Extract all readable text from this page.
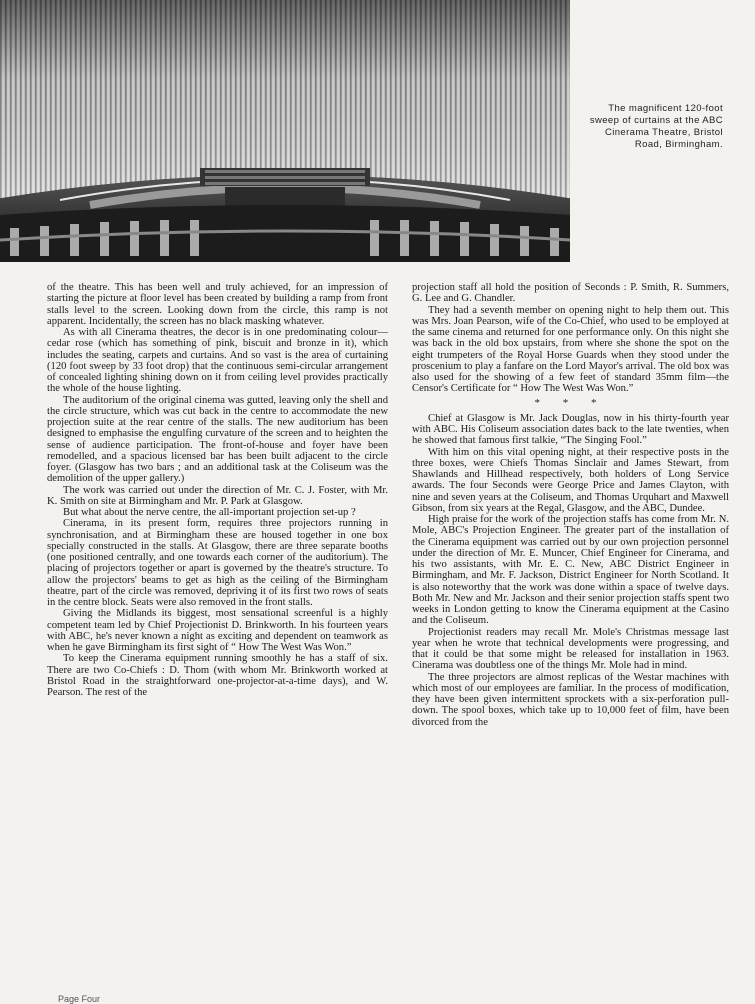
The magnificent 120-foot sweep of curtains at the ABC Cinerama Theatre, Bristol Road, Birmingham.

of the theatre. This has been well and truly achieved, for an impression of starting the picture at floor level has been created by building a ramp from front stalls level to the screen. Looking down from the circle, this ramp is not apparent. Incidentally, the screen has no black masking whatever.

As with all Cinerama theatres, the decor is in one predominating colour—cedar rose (which has something of pink, biscuit and bronze in it), which includes the seating, carpets and curtains. And so vast is the area of curtaining (120 foot sweep by 33 foot drop) that the continuous semi-circular arrangement of concealed lighting shining down on it from ceiling level provides practically the whole of the house lighting.

The auditorium of the original cinema was gutted, leaving only the shell and the circle structure, which was cut back in the centre to accommodate the new projection suite at the rear centre of the stalls. The new auditorium has been designed to emphasise the engulfing curvature of the screen and to heighten the sense of audience participation. The front-of-house and foyer have been remodelled, and a spacious licensed bar has been built adjacent to the circle foyer. (Glasgow has two bars ; and an additional task at the Coliseum was the demolition of the upper gallery.)

The work was carried out under the direction of Mr. C. J. Foster, with Mr. K. Smith on site at Birmingham and Mr. P. Park at Glasgow.

But what about the nerve centre, the all-important projection set-up ?

Cinerama, in its present form, requires three projectors running in synchronisation, and at Birmingham these are housed together in one box specially constructed in the stalls. At Glasgow, there are three separate booths (one positioned centrally, and one towards each corner of the auditorium). The placing of projectors together or apart is governed by the theatre's structure. To allow the projectors' beams to get as high as the ceiling of the Birmingham theatre, part of the circle was removed, depriving it of its first two rows of seats in the centre block. Seats were also removed in the front stalls.

Giving the Midlands its biggest, most sensational screenful is a highly competent team led by Chief Projectionist D. Brinkworth. In his fourteen years with ABC, he's never known a night as exciting and dependent on teamwork as when he gave Birmingham its first sight of “ How The West Was Won.”

To keep the Cinerama equipment running smoothly he has a staff of six. There are two Co-Chiefs : D. Thom (with whom Mr. Brinkworth worked at Bristol Road in the straightforward one-projector-at-a-time days), and W. Pearson. The rest of the

projection staff all hold the position of Seconds : P. Smith, R. Summers, G. Lee and G. Chandler.

They had a seventh member on opening night to help them out. This was Mrs. Joan Pearson, wife of the Co-Chief, who used to be employed at the same cinema and returned for one performance only. On this night she was back in the old box upstairs, from where she shone the spot on the eight trumpeters of the Royal Horse Guards when they stood under the proscenium to play a fanfare on the Lord Mayor's arrival. The old box was also used for the showing of a few feet of standard 35mm film—the Censor's Certificate for “ How The West Was Won.”

* * *

Chief at Glasgow is Mr. Jack Douglas, now in his thirty-fourth year with ABC. His Coliseum association dates back to the late twenties, when he showed that famous first talkie, “The Singing Fool.”

With him on this vital opening night, at their respective posts in the three boxes, were Chiefs Thomas Sinclair and James Stewart, from Shawlands and Hillhead respectively, both holders of Long Service awards. The four Seconds were George Price and James Clayton, with nine and seven years at the Coliseum, and Thomas Urquhart and Maxwell Gibson, from six years at the Regal, Glasgow, and the ABC, Dundee.

High praise for the work of the projection staffs has come from Mr. N. Mole, ABC's Projection Engineer. The greater part of the installation of the Cinerama equipment was carried out by our own projection personnel under the direction of Mr. E. Muncer, Chief Engineer for Cinerama, and his two assistants, with Mr. E. C. New, ABC District Engineer in Birmingham, and Mr. F. Jackson, District Engineer for North Scotland. It is also noteworthy that the work was done within a space of twelve days. Both Mr. New and Mr. Jackson and their senior projection staffs spent two weeks in London getting to know the Cinerama equipment at the Casino and the Coliseum.

Projectionist readers may recall Mr. Mole's Christmas message last year when he wrote that technical developments were progressing, and that it could be that some might be released for installation in 1963. Cinerama was doubtless one of the things Mr. Mole had in mind.

The three projectors are almost replicas of the Westar machines with which most of our employees are familiar. In the process of modification, they have been given intermittent sprockets with a six-perforation pull-down. The spool boxes, which take up to 10,000 feet of film, have been divorced from the

Page Four
